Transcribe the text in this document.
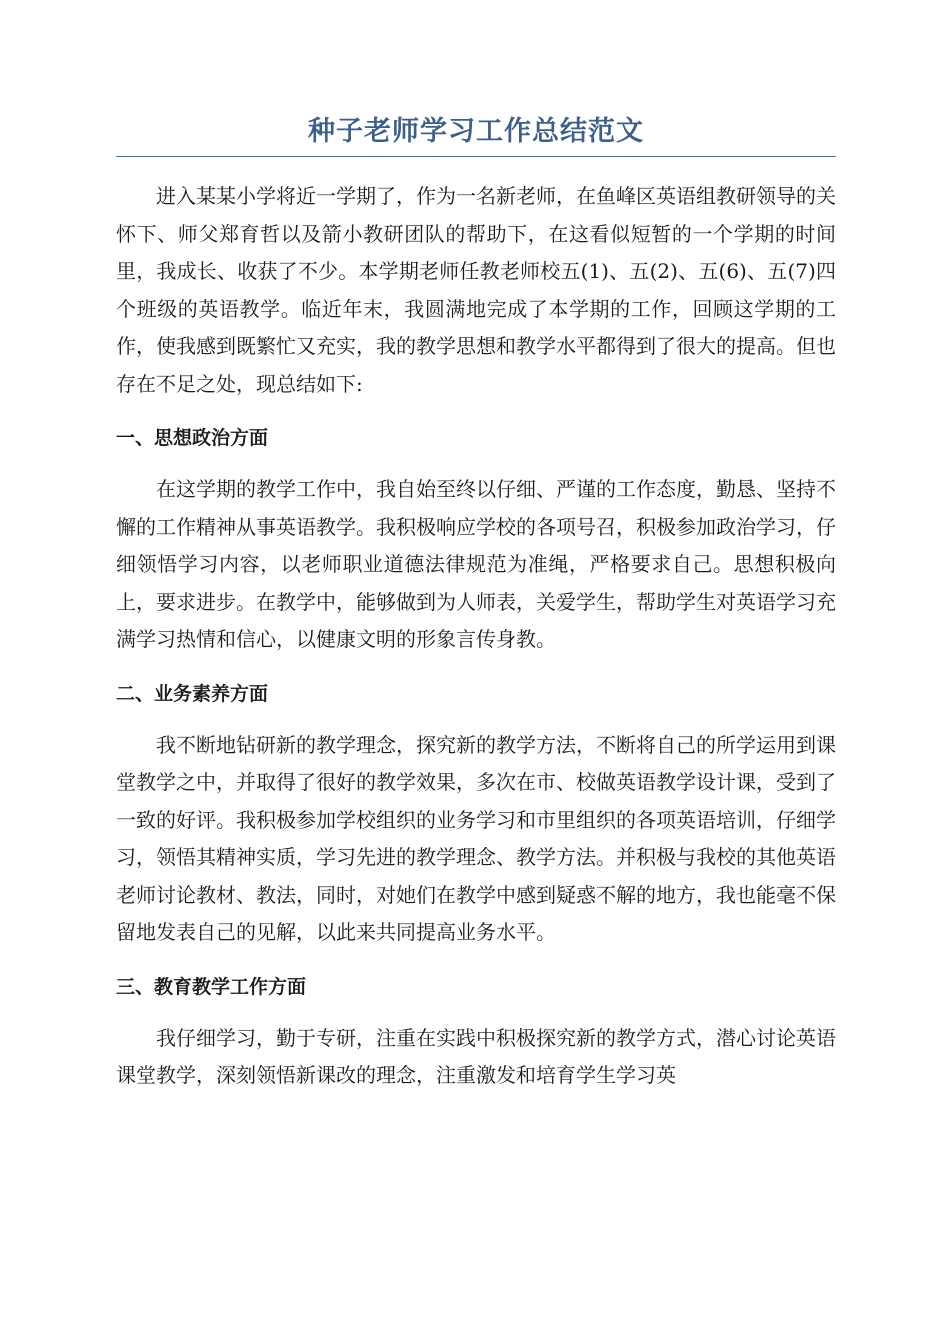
种子老师学习工作总结范文

进入某某小学将近一学期了，作为一名新老师，在鱼峰区英语组教研领导的关怀下、师父郑育哲以及箭小教研团队的帮助下，在这看似短暂的一个学期的时间里，我成长、收获了不少。本学期老师任教老师校五(1)、五(2)、五(6)、五(7)四个班级的英语教学。临近年末，我圆满地完成了本学期的工作，回顾这学期的工作，使我感到既繁忙又充实，我的教学思想和教学水平都得到了很大的提高。但也存在不足之处，现总结如下:

一、思想政治方面

在这学期的教学工作中，我自始至终以仔细、严谨的工作态度，勤恳、坚持不懈的工作精神从事英语教学。我积极响应学校的各项号召，积极参加政治学习，仔细领悟学习内容，以老师职业道德法律规范为准绳，严格要求自己。思想积极向上，要求进步。在教学中，能够做到为人师表，关爱学生，帮助学生对英语学习充满学习热情和信心，以健康文明的形象言传身教。

二、业务素养方面

我不断地钻研新的教学理念，探究新的教学方法，不断将自己的所学运用到课堂教学之中，并取得了很好的教学效果，多次在市、校做英语教学设计课，受到了一致的好评。我积极参加学校组织的业务学习和市里组织的各项英语培训，仔细学习，领悟其精神实质，学习先进的教学理念、教学方法。并积极与我校的其他英语老师讨论教材、教法，同时，对她们在教学中感到疑惑不解的地方，我也能毫不保留地发表自己的见解，以此来共同提高业务水平。

三、教育教学工作方面

我仔细学习，勤于专研，注重在实践中积极探究新的教学方式，潜心讨论英语课堂教学，深刻领悟新课改的理念，注重激发和培育学生学习英
